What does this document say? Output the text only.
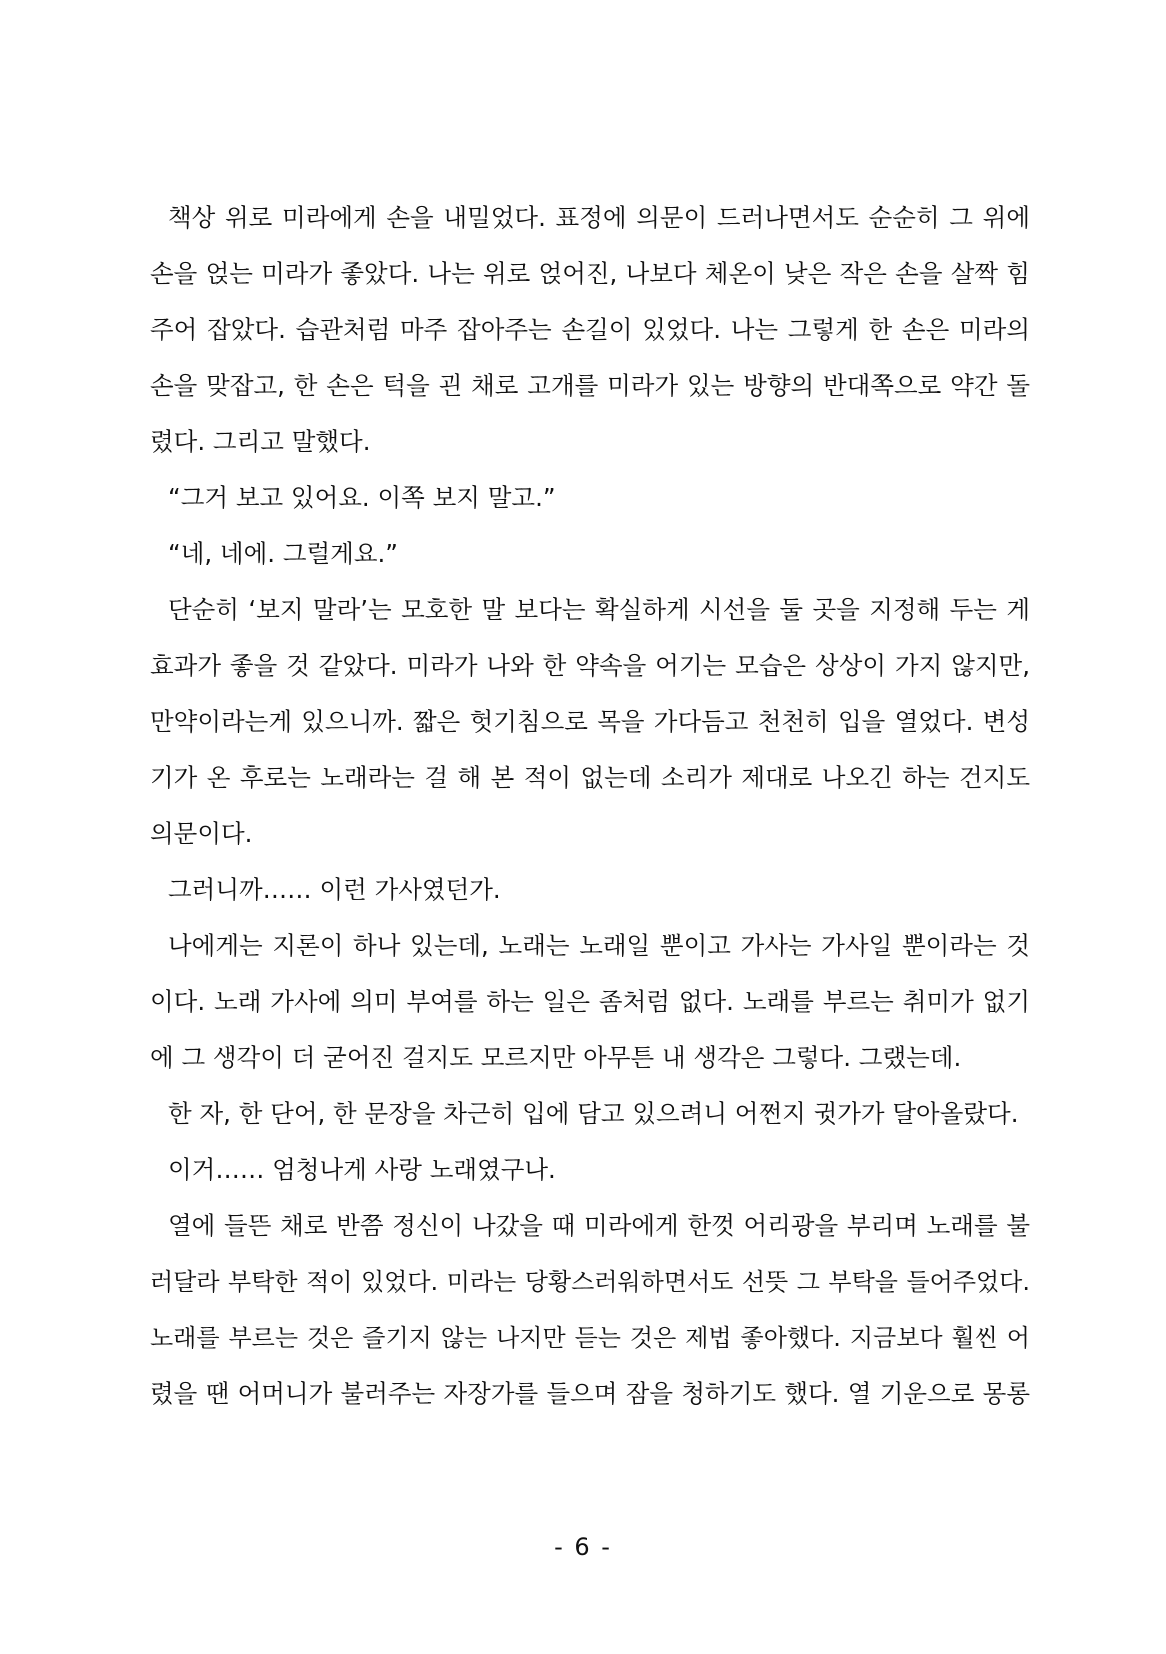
책상 위로 미라에게 손을 내밀었다. 표정에 의문이 드러나면서도 순순히 그 위에
손을 얹는 미라가 좋았다. 나는 위로 얹어진, 나보다 체온이 낮은 작은 손을 살짝 힘
주어 잡았다. 습관처럼 마주 잡아주는 손길이 있었다. 나는 그렇게 한 손은 미라의
손을 맞잡고, 한 손은 턱을 괸 채로 고개를 미라가 있는 방향의 반대쪽으로 약간 돌
렸다. 그리고 말했다.
“그거 보고 있어요. 이쪽 보지 말고.”
“네, 네에. 그럴게요.”
단순히 ‘보지 말라’는 모호한 말 보다는 확실하게 시선을 둘 곳을 지정해 두는 게
효과가 좋을 것 같았다. 미라가 나와 한 약속을 어기는 모습은 상상이 가지 않지만,
만약이라는게 있으니까. 짧은 헛기침으로 목을 가다듬고 천천히 입을 열었다. 변성
기가 온 후로는 노래라는 걸 해 본 적이 없는데 소리가 제대로 나오긴 하는 건지도
의문이다.
그러니까…… 이런 가사였던가.
나에게는 지론이 하나 있는데, 노래는 노래일 뿐이고 가사는 가사일 뿐이라는 것
이다. 노래 가사에 의미 부여를 하는 일은 좀처럼 없다. 노래를 부르는 취미가 없기
에 그 생각이 더 굳어진 걸지도 모르지만 아무튼 내 생각은 그렇다. 그랬는데.
한 자, 한 단어, 한 문장을 차근히 입에 담고 있으려니 어쩐지 귓가가 달아올랐다.
이거…… 엄청나게 사랑 노래였구나.
열에 들뜬 채로 반쯤 정신이 나갔을 때 미라에게 한껏 어리광을 부리며 노래를 불
러달라 부탁한 적이 있었다. 미라는 당황스러워하면서도 선뜻 그 부탁을 들어주었다.
노래를 부르는 것은 즐기지 않는 나지만 듣는 것은 제법 좋아했다. 지금보다 훨씬 어
렸을 땐 어머니가 불러주는 자장가를 들으며 잠을 청하기도 했다. 열 기운으로 몽롱
- 6 -
